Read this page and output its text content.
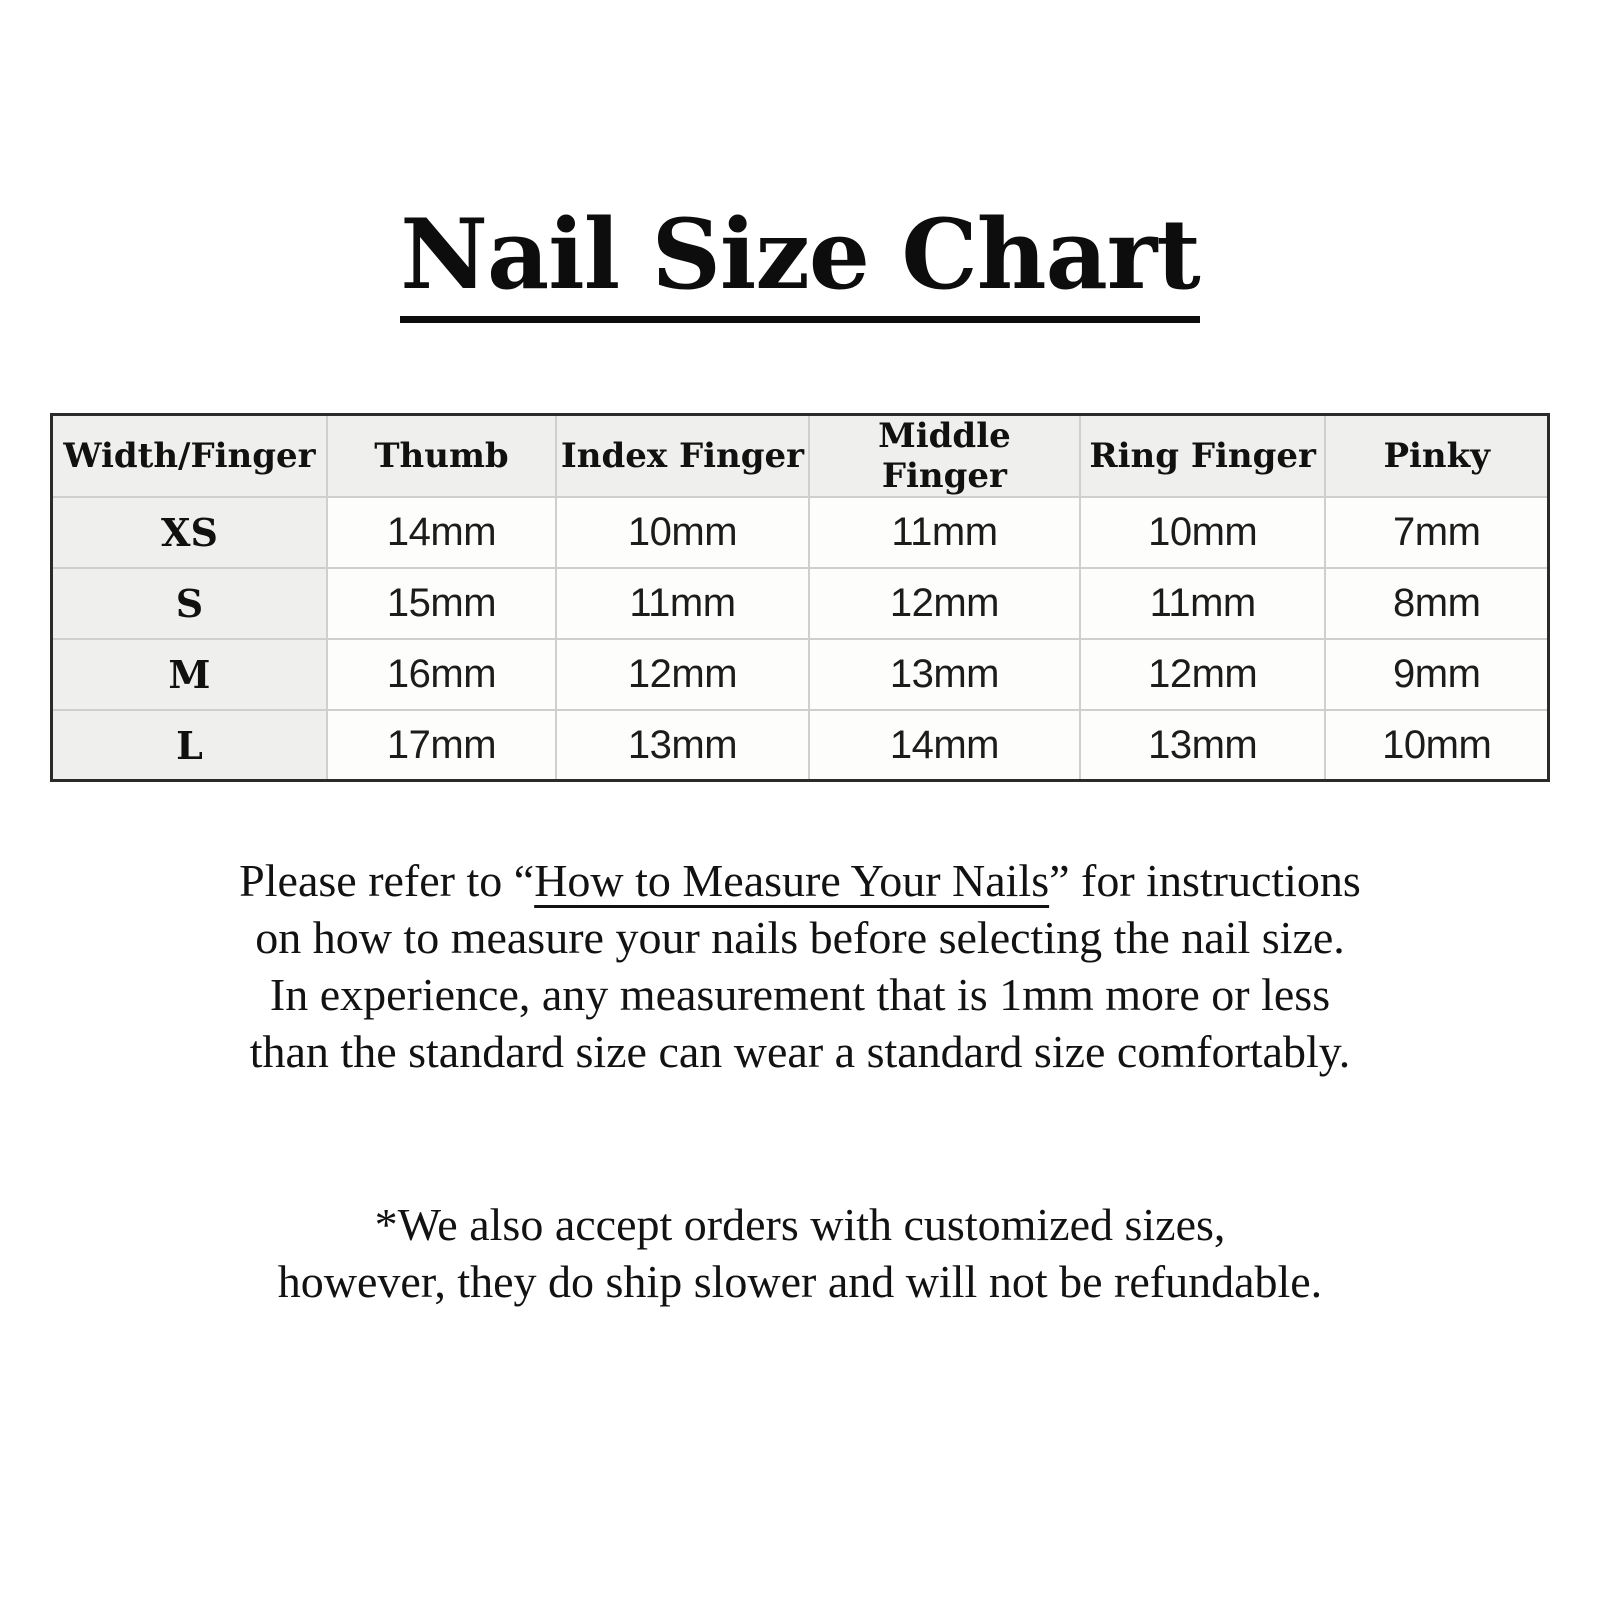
Nail Size Chart
Width/Finger	Thumb	Index Finger	Middle Finger	Ring Finger	Pinky
XS	14mm	10mm	11mm	10mm	7mm
S	15mm	11mm	12mm	11mm	8mm
M	16mm	12mm	13mm	12mm	9mm
L	17mm	13mm	14mm	13mm	10mm
Please refer to “How to Measure Your Nails” for instructions
on how to measure your nails before selecting the nail size.
In experience, any measurement that is 1mm more or less
than the standard size can wear a standard size comfortably.
*We also accept orders with customized sizes,
however, they do ship slower and will not be refundable.
